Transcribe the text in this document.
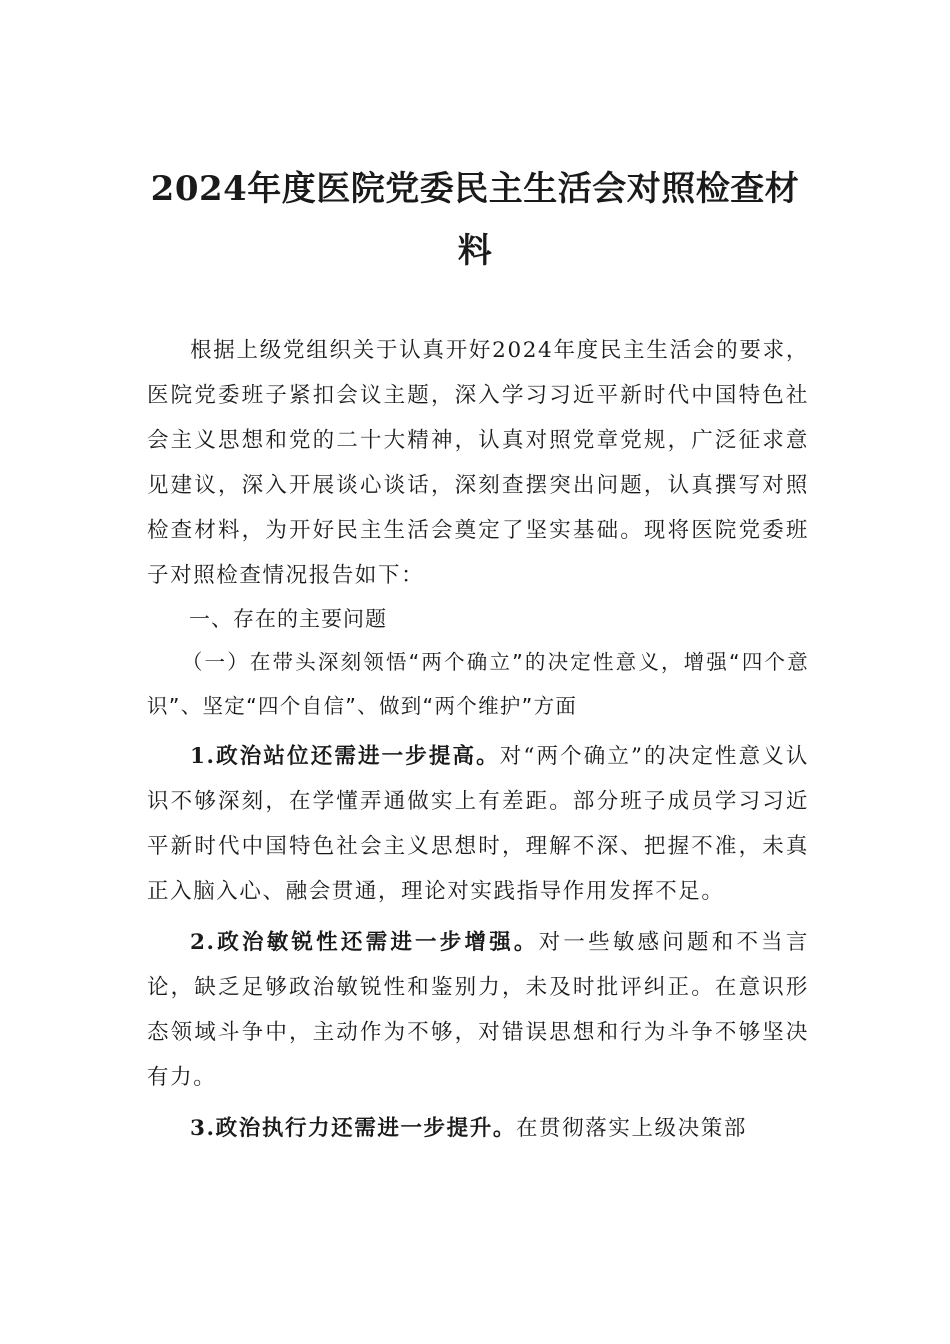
2024年度医院党委民主生活会对照检查材料

根据上级党组织关于认真开好2024年度民主生活会的要求，医院党委班子紧扣会议主题，深入学习习近平新时代中国特色社会主义思想和党的二十大精神，认真对照党章党规，广泛征求意见建议，深入开展谈心谈话，深刻查摆突出问题，认真撰写对照检查材料，为开好民主生活会奠定了坚实基础。现将医院党委班子对照检查情况报告如下：

一、存在的主要问题

（一）在带头深刻领悟“两个确立”的决定性意义，增强“四个意识”、坚定“四个自信”、做到“两个维护”方面

1.政治站位还需进一步提高。对“两个确立”的决定性意义认识不够深刻，在学懂弄通做实上有差距。部分班子成员学习习近平新时代中国特色社会主义思想时，理解不深、把握不准，未真正入脑入心、融会贯通，理论对实践指导作用发挥不足。

2.政治敏锐性还需进一步增强。对一些敏感问题和不当言论，缺乏足够政治敏锐性和鉴别力，未及时批评纠正。在意识形态领域斗争中，主动作为不够，对错误思想和行为斗争不够坚决有力。

3.政治执行力还需进一步提升。在贯彻落实上级决策部
